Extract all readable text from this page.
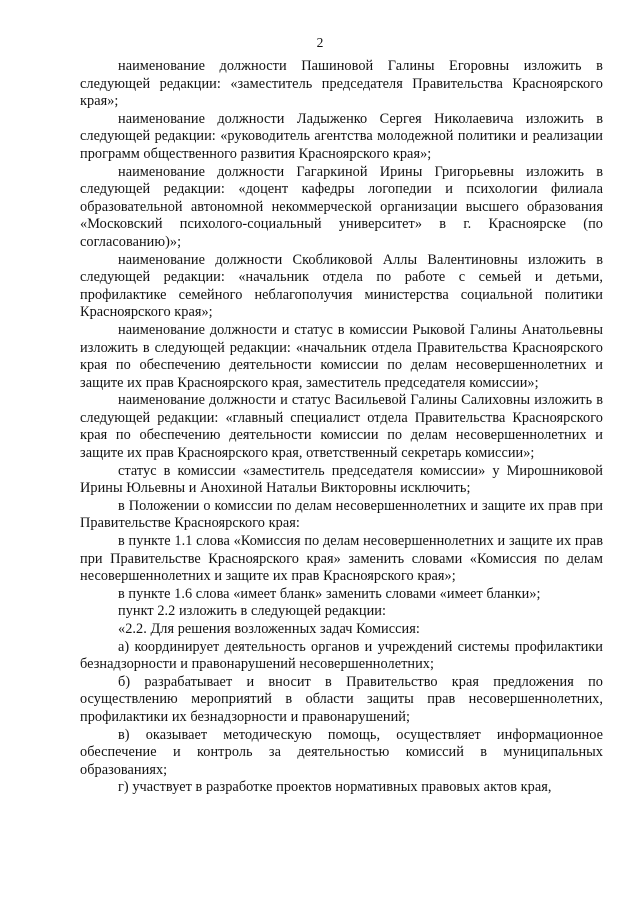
2

наименование должности Пашиновой Галины Егоровны изложить в следующей редакции: «заместитель председателя Правительства Красноярского края»;

наименование должности Ладыженко Сергея Николаевича изложить в следующей редакции: «руководитель агентства молодежной политики и реализации программ общественного развития Красноярского края»;

наименование должности Гагаркиной Ирины Григорьевны изложить в следующей редакции: «доцент кафедры логопедии и психологии филиала образовательной автономной некоммерческой организации высшего образования «Московский психолого-социальный университет» в г. Красноярске (по согласованию)»;

наименование должности Скобликовой Аллы Валентиновны изложить в следующей редакции: «начальник отдела по работе с семьей и детьми, профилактике семейного неблагополучия министерства социальной политики Красноярского края»;

наименование должности и статус в комиссии Рыковой Галины Анатольевны изложить в следующей редакции: «начальник отдела Правительства Красноярского края по обеспечению деятельности комиссии по делам несовершеннолетних и защите их прав Красноярского края, заместитель председателя комиссии»;

наименование должности и статус Васильевой Галины Салиховны изложить в следующей редакции: «главный специалист отдела Правительства Красноярского края по обеспечению деятельности комиссии по делам несовершеннолетних и защите их прав Красноярского края, ответственный секретарь комиссии»;

статус в комиссии «заместитель председателя комиссии» у Мирошниковой Ирины Юльевны и Анохиной Натальи Викторовны исключить;

в Положении о комиссии по делам несовершеннолетних и защите их прав при Правительстве Красноярского края:

в пункте 1.1 слова «Комиссия по делам несовершеннолетних и защите их прав при Правительстве Красноярского края» заменить словами «Комиссия по делам несовершеннолетних и защите их прав Красноярского края»;

в пункте 1.6 слова «имеет бланк» заменить словами «имеет бланки»;

пункт 2.2 изложить в следующей редакции:

«2.2. Для решения возложенных задач Комиссия:

а) координирует деятельность органов и учреждений системы профилактики безнадзорности и правонарушений несовершеннолетних;

б) разрабатывает и вносит в Правительство края предложения по осуществлению мероприятий в области защиты прав несовершеннолетних, профилактики их безнадзорности и правонарушений;

в) оказывает методическую помощь, осуществляет информационное обеспечение и контроль за деятельностью комиссий в муниципальных образованиях;

г) участвует в разработке проектов нормативных правовых актов края,
